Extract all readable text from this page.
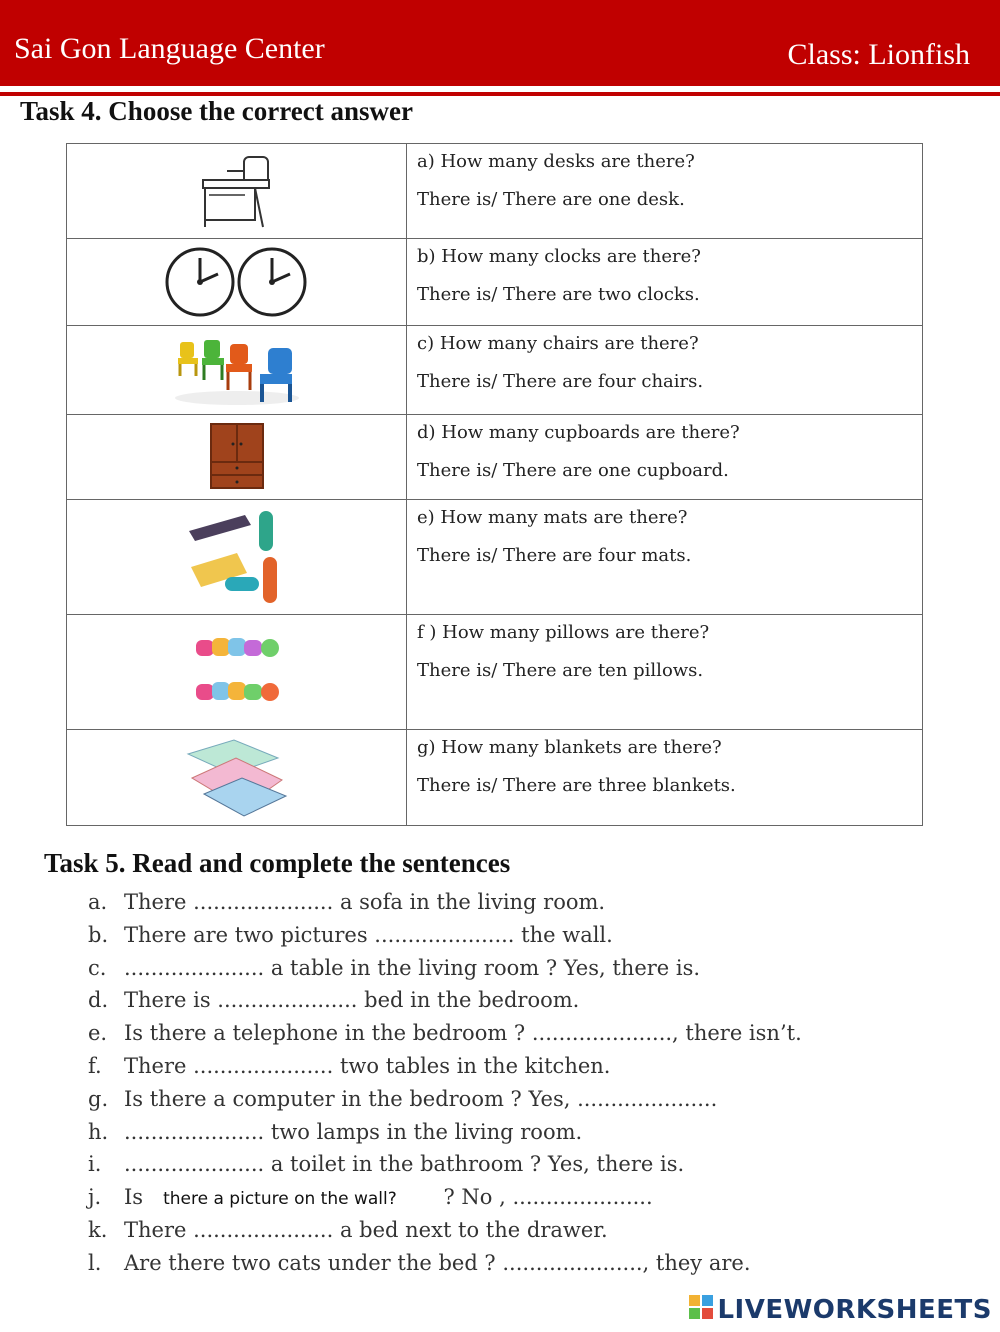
Sai Gon Language Center	Class: Lionfish
Task 4. Choose the correct answer

a) How many desks are there?
There is/ There are one desk.

b) How many clocks are there?
There is/ There are two clocks.

c) How many chairs are there?
There is/ There are four chairs.

d) How many cupboards are there?
There is/ There are one cupboard.

e) How many mats are there?
There is/ There are four mats.

f ) How many pillows are there?
There is/ There are ten pillows.

g) How many blankets are there?
There is/ There are three blankets.
Task 5. Read and complete the sentences
a. There ..................... a sofa in the living room.
b. There are two pictures ..................... the wall.
c. ..................... a table in the living room ? Yes, there is.
d. There is ..................... bed in the bedroom.
e. Is there a telephone in the bedroom ? ....................., there isn’t.
f. There ..................... two tables in the kitchen.
g. Is there a computer in the bedroom ? Yes, .....................
h. ..................... two lamps in the living room.
i. ..................... a toilet in the bathroom ? Yes, there is.
j. Is there a picture on the wall? ? No , .....................
k. There ..................... a bed next to the drawer.
l. Are there two cats under the bed ? ....................., they are.
LIVEWORKSHEETS
